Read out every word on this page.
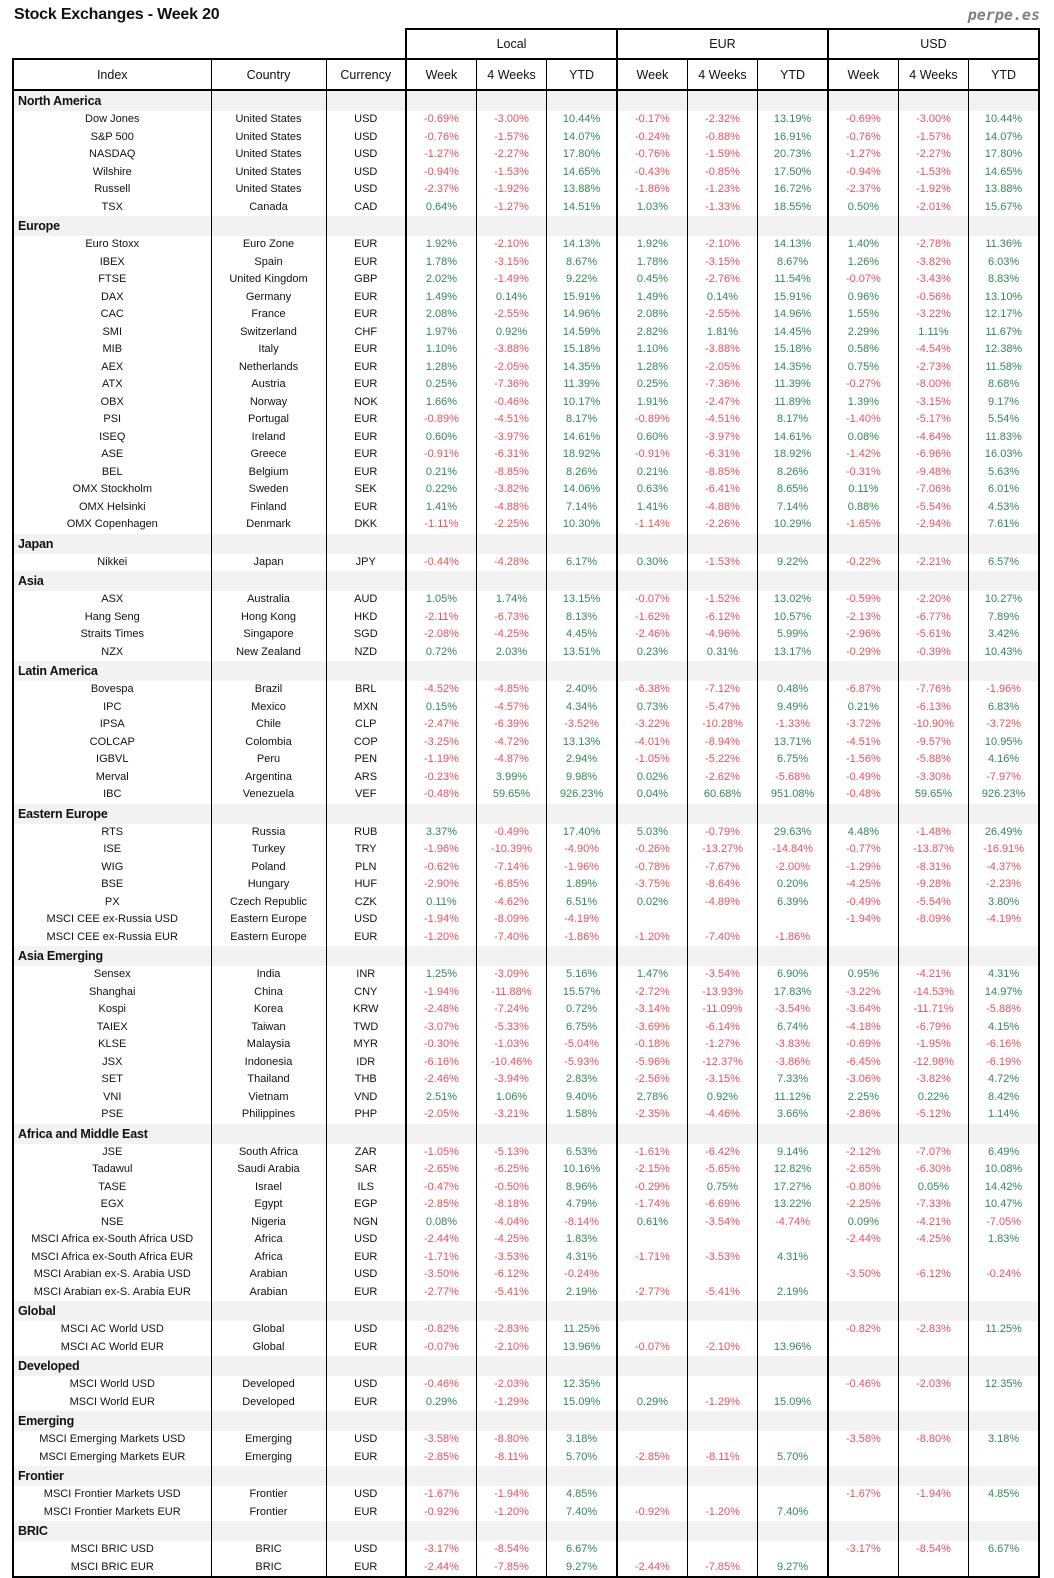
Stock Exchanges - Week 20	perpe.es
			Local			EUR			USD		
Index	Country	Currency	Week	4 Weeks	YTD	Week	4 Weeks	YTD	Week	4 Weeks	YTD
North America											
Dow Jones	United States	USD	-0.69%	-3.00%	10.44%	-0.17%	-2.32%	13.19%	-0.69%	-3.00%	10.44%
S&P 500	United States	USD	-0.76%	-1.57%	14.07%	-0.24%	-0.88%	16.91%	-0.76%	-1.57%	14.07%
NASDAQ	United States	USD	-1.27%	-2.27%	17.80%	-0.76%	-1.59%	20.73%	-1.27%	-2.27%	17.80%
Wilshire	United States	USD	-0.94%	-1.53%	14.65%	-0.43%	-0.85%	17.50%	-0.94%	-1.53%	14.65%
Russell	United States	USD	-2.37%	-1.92%	13.88%	-1.86%	-1.23%	16.72%	-2.37%	-1.92%	13.88%
TSX	Canada	CAD	0.64%	-1.27%	14.51%	1.03%	-1.33%	18.55%	0.50%	-2.01%	15.67%
Europe											
Euro Stoxx	Euro Zone	EUR	1.92%	-2.10%	14.13%	1.92%	-2.10%	14.13%	1.40%	-2.78%	11.36%
IBEX	Spain	EUR	1.78%	-3.15%	8.67%	1.78%	-3.15%	8.67%	1.26%	-3.82%	6.03%
FTSE	United Kingdom	GBP	2.02%	-1.49%	9.22%	0.45%	-2.76%	11.54%	-0.07%	-3.43%	8.83%
DAX	Germany	EUR	1.49%	0.14%	15.91%	1.49%	0.14%	15.91%	0.96%	-0.56%	13.10%
CAC	France	EUR	2.08%	-2.55%	14.96%	2.08%	-2.55%	14.96%	1.55%	-3.22%	12.17%
SMI	Switzerland	CHF	1.97%	0.92%	14.59%	2.82%	1.81%	14.45%	2.29%	1.11%	11.67%
MIB	Italy	EUR	1.10%	-3.88%	15.18%	1.10%	-3.88%	15.18%	0.58%	-4.54%	12.38%
AEX	Netherlands	EUR	1.28%	-2.05%	14.35%	1.28%	-2.05%	14.35%	0.75%	-2.73%	11.58%
ATX	Austria	EUR	0.25%	-7.36%	11.39%	0.25%	-7.36%	11.39%	-0.27%	-8.00%	8.68%
OBX	Norway	NOK	1.66%	-0.46%	10.17%	1.91%	-2.47%	11.89%	1.39%	-3.15%	9.17%
PSI	Portugal	EUR	-0.89%	-4.51%	8.17%	-0.89%	-4.51%	8.17%	-1.40%	-5.17%	5.54%
ISEQ	Ireland	EUR	0.60%	-3.97%	14.61%	0.60%	-3.97%	14.61%	0.08%	-4.64%	11.83%
ASE	Greece	EUR	-0.91%	-6.31%	18.92%	-0.91%	-6.31%	18.92%	-1.42%	-6.96%	16.03%
BEL	Belgium	EUR	0.21%	-8.85%	8.26%	0.21%	-8.85%	8.26%	-0.31%	-9.48%	5.63%
OMX Stockholm	Sweden	SEK	0.22%	-3.82%	14.06%	0.63%	-6.41%	8.65%	0.11%	-7.06%	6.01%
OMX Helsinki	Finland	EUR	1.41%	-4.88%	7.14%	1.41%	-4.88%	7.14%	0.88%	-5.54%	4.53%
OMX Copenhagen	Denmark	DKK	-1.11%	-2.25%	10.30%	-1.14%	-2.26%	10.29%	-1.65%	-2.94%	7.61%
Japan											
Nikkei	Japan	JPY	-0.44%	-4.28%	6.17%	0.30%	-1.53%	9.22%	-0.22%	-2.21%	6.57%
Asia											
ASX	Australia	AUD	1.05%	1.74%	13.15%	-0.07%	-1.52%	13.02%	-0.59%	-2.20%	10.27%
Hang Seng	Hong Kong	HKD	-2.11%	-6.73%	8.13%	-1.62%	-6.12%	10.57%	-2.13%	-6.77%	7.89%
Straits Times	Singapore	SGD	-2.08%	-4.25%	4.45%	-2.46%	-4.96%	5.99%	-2.96%	-5.61%	3.42%
NZX	New Zealand	NZD	0.72%	2.03%	13.51%	0.23%	0.31%	13.17%	-0.29%	-0.39%	10.43%
Latin America											
Bovespa	Brazil	BRL	-4.52%	-4.85%	2.40%	-6.38%	-7.12%	0.48%	-6.87%	-7.76%	-1.96%
IPC	Mexico	MXN	0.15%	-4.57%	4.34%	0.73%	-5.47%	9.49%	0.21%	-6.13%	6.83%
IPSA	Chile	CLP	-2.47%	-6.39%	-3.52%	-3.22%	-10.28%	-1.33%	-3.72%	-10.90%	-3.72%
COLCAP	Colombia	COP	-3.25%	-4.72%	13.13%	-4.01%	-8.94%	13.71%	-4.51%	-9.57%	10.95%
IGBVL	Peru	PEN	-1.19%	-4.87%	2.94%	-1.05%	-5.22%	6.75%	-1.56%	-5.88%	4.16%
Merval	Argentina	ARS	-0.23%	3.99%	9.98%	0.02%	-2.62%	-5.68%	-0.49%	-3.30%	-7.97%
IBC	Venezuela	VEF	-0.48%	59.65%	926.23%	0.04%	60.68%	951.08%	-0.48%	59.65%	926.23%
Eastern Europe											
RTS	Russia	RUB	3.37%	-0.49%	17.40%	5.03%	-0.79%	29.63%	4.48%	-1.48%	26.49%
ISE	Turkey	TRY	-1.96%	-10.39%	-4.90%	-0.26%	-13.27%	-14.84%	-0.77%	-13.87%	-16.91%
WIG	Poland	PLN	-0.62%	-7.14%	-1.96%	-0.78%	-7.67%	-2.00%	-1.29%	-8.31%	-4.37%
BSE	Hungary	HUF	-2.90%	-6.85%	1.89%	-3.75%	-8.64%	0.20%	-4.25%	-9.28%	-2.23%
PX	Czech Republic	CZK	0.11%	-4.62%	6.51%	0.02%	-4.89%	6.39%	-0.49%	-5.54%	3.80%
MSCI CEE ex-Russia USD	Eastern Europe	USD	-1.94%	-8.09%	-4.19%				-1.94%	-8.09%	-4.19%
MSCI CEE ex-Russia EUR	Eastern Europe	EUR	-1.20%	-7.40%	-1.86%	-1.20%	-7.40%	-1.86%			
Asia Emerging											
Sensex	India	INR	1.25%	-3.09%	5.16%	1.47%	-3.54%	6.90%	0.95%	-4.21%	4.31%
Shanghai	China	CNY	-1.94%	-11.88%	15.57%	-2.72%	-13.93%	17.83%	-3.22%	-14.53%	14.97%
Kospi	Korea	KRW	-2.48%	-7.24%	0.72%	-3.14%	-11.09%	-3.54%	-3.64%	-11.71%	-5.88%
TAIEX	Taiwan	TWD	-3.07%	-5.33%	6.75%	-3.69%	-6.14%	6.74%	-4.18%	-6.79%	4.15%
KLSE	Malaysia	MYR	-0.30%	-1.03%	-5.04%	-0.18%	-1.27%	-3.83%	-0.69%	-1.95%	-6.16%
JSX	Indonesia	IDR	-6.16%	-10.46%	-5.93%	-5.96%	-12.37%	-3.86%	-6.45%	-12.98%	-6.19%
SET	Thailand	THB	-2.46%	-3.94%	2.83%	-2.56%	-3.15%	7.33%	-3.06%	-3.82%	4.72%
VNI	Vietnam	VND	2.51%	1.06%	9.40%	2.78%	0.92%	11.12%	2.25%	0.22%	8.42%
PSE	Philippines	PHP	-2.05%	-3.21%	1.58%	-2.35%	-4.46%	3.66%	-2.86%	-5.12%	1.14%
Africa and Middle East											
JSE	South Africa	ZAR	-1.05%	-5.13%	6.53%	-1.61%	-6.42%	9.14%	-2.12%	-7.07%	6.49%
Tadawul	Saudi Arabia	SAR	-2.65%	-6.25%	10.16%	-2.15%	-5.65%	12.82%	-2.65%	-6.30%	10.08%
TASE	Israel	ILS	-0.47%	-0.50%	8.96%	-0.29%	0.75%	17.27%	-0.80%	0.05%	14.42%
EGX	Egypt	EGP	-2.85%	-8.18%	4.79%	-1.74%	-6.69%	13.22%	-2.25%	-7.33%	10.47%
NSE	Nigeria	NGN	0.08%	-4.04%	-8.14%	0.61%	-3.54%	-4.74%	0.09%	-4.21%	-7.05%
MSCI Africa ex-South Africa USD	Africa	USD	-2.44%	-4.25%	1.83%				-2.44%	-4.25%	1.83%
MSCI Africa ex-South Africa EUR	Africa	EUR	-1.71%	-3.53%	4.31%	-1.71%	-3.53%	4.31%			
MSCI Arabian ex-S. Arabia USD	Arabian	USD	-3.50%	-6.12%	-0.24%				-3.50%	-6.12%	-0.24%
MSCI Arabian ex-S. Arabia EUR	Arabian	EUR	-2.77%	-5.41%	2.19%	-2.77%	-5.41%	2.19%			
Global											
MSCI AC World USD	Global	USD	-0.82%	-2.83%	11.25%				-0.82%	-2.83%	11.25%
MSCI AC World EUR	Global	EUR	-0.07%	-2.10%	13.96%	-0.07%	-2.10%	13.96%			
Developed											
MSCI World USD	Developed	USD	-0.46%	-2.03%	12.35%				-0.46%	-2.03%	12.35%
MSCI World EUR	Developed	EUR	0.29%	-1.29%	15.09%	0.29%	-1.29%	15.09%			
Emerging											
MSCI Emerging Markets USD	Emerging	USD	-3.58%	-8.80%	3.18%				-3.58%	-8.80%	3.18%
MSCI Emerging Markets EUR	Emerging	EUR	-2.85%	-8.11%	5.70%	-2.85%	-8.11%	5.70%			
Frontier											
MSCI Frontier Markets USD	Frontier	USD	-1.67%	-1.94%	4.85%				-1.67%	-1.94%	4.85%
MSCI Frontier Markets EUR	Frontier	EUR	-0.92%	-1.20%	7.40%	-0.92%	-1.20%	7.40%			
BRIC											
MSCI BRIC USD	BRIC	USD	-3.17%	-8.54%	6.67%				-3.17%	-8.54%	6.67%
MSCI BRIC EUR	BRIC	EUR	-2.44%	-7.85%	9.27%	-2.44%	-7.85%	9.27%			
